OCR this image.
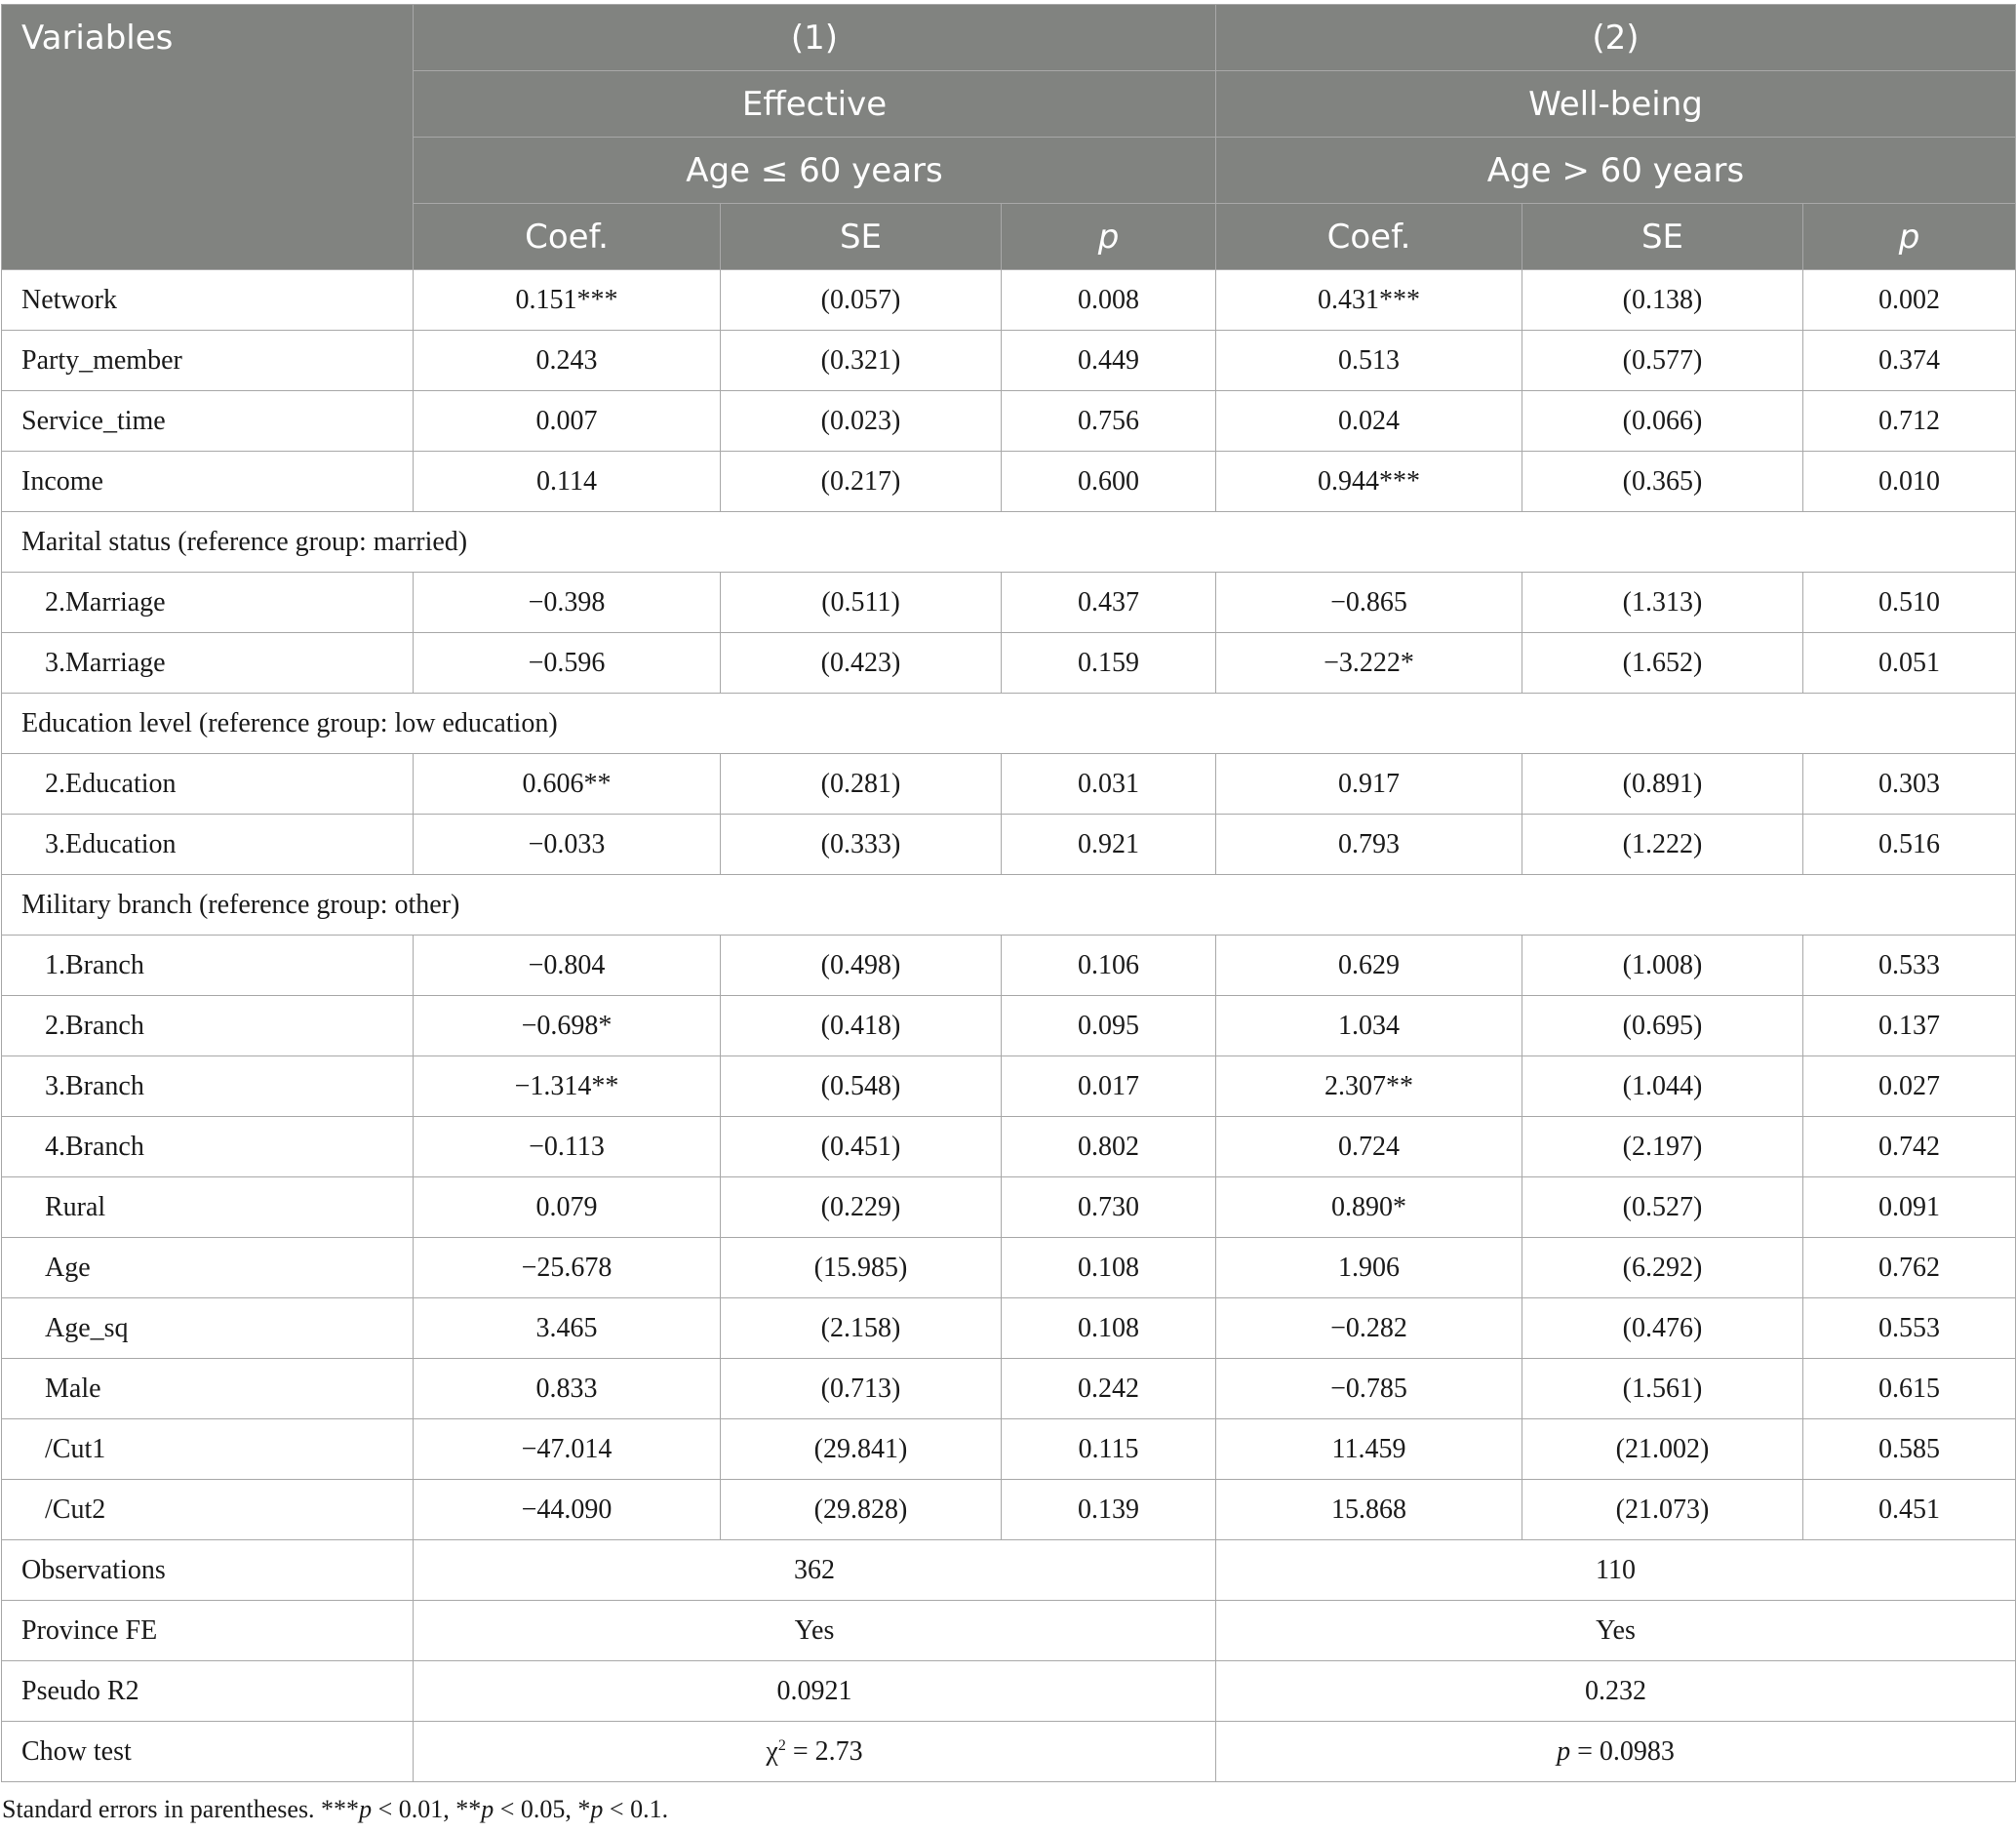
Variables	(1)			(2)		
	Effective			Well-being		
	Age ≤ 60 years			Age > 60 years		
	Coef.	SE	p	Coef.	SE	p
Network	0.151***	(0.057)	0.008	0.431***	(0.138)	0.002
Party_member	0.243	(0.321)	0.449	0.513	(0.577)	0.374
Service_time	0.007	(0.023)	0.756	0.024	(0.066)	0.712
Income	0.114	(0.217)	0.600	0.944***	(0.365)	0.010
Marital status (reference group: married)						
2.Marriage	−0.398	(0.511)	0.437	−0.865	(1.313)	0.510
3.Marriage	−0.596	(0.423)	0.159	−3.222*	(1.652)	0.051
Education level (reference group: low education)						
2.Education	0.606**	(0.281)	0.031	0.917	(0.891)	0.303
3.Education	−0.033	(0.333)	0.921	0.793	(1.222)	0.516
Military branch (reference group: other)						
1.Branch	−0.804	(0.498)	0.106	0.629	(1.008)	0.533
2.Branch	−0.698*	(0.418)	0.095	1.034	(0.695)	0.137
3.Branch	−1.314**	(0.548)	0.017	2.307**	(1.044)	0.027
4.Branch	−0.113	(0.451)	0.802	0.724	(2.197)	0.742
Rural	0.079	(0.229)	0.730	0.890*	(0.527)	0.091
Age	−25.678	(15.985)	0.108	1.906	(6.292)	0.762
Age_sq	3.465	(2.158)	0.108	−0.282	(0.476)	0.553
Male	0.833	(0.713)	0.242	−0.785	(1.561)	0.615
/Cut1	−47.014	(29.841)	0.115	11.459	(21.002)	0.585
/Cut2	−44.090	(29.828)	0.139	15.868	(21.073)	0.451
Observations	362			110		
Province FE	Yes			Yes		
Pseudo R2	0.0921			0.232		
Chow test	$\chi^2 = 2.73$			p = 0.0983		
Standard errors in parentheses. ***p < 0.01, **p < 0.05, *p < 0.1.
